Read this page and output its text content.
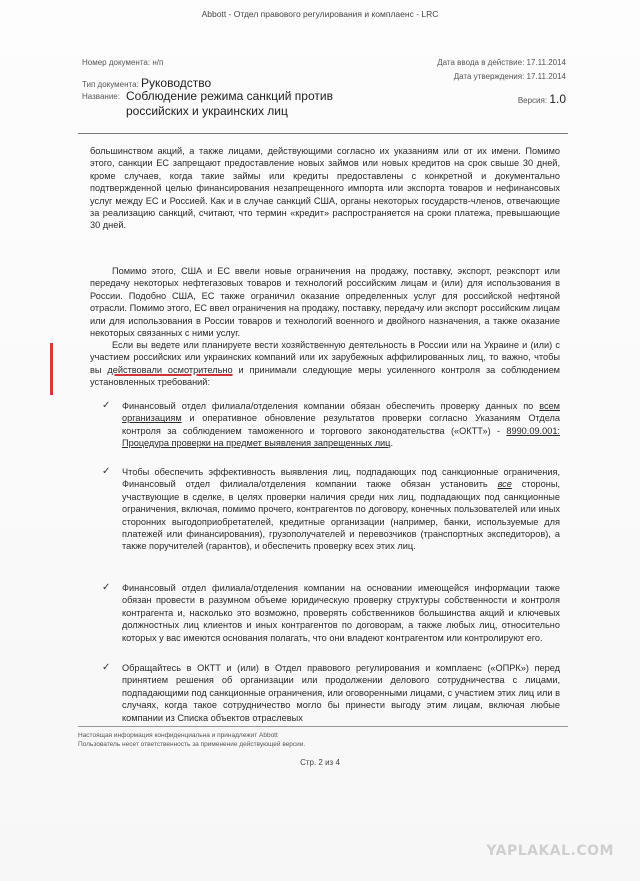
Abbott - Отдел правового регулирования и комплаенс - LRC
Номер документа: н/п
Тип документа: Руководство
Название: Соблюдение режима санкций против российских и украинских лиц
Дата ввода в действие: 17.11.2014
Дата утверждения: 17.11.2014
Версия: 1.0
большинством акций, а также лицами, действующими согласно их указаниям или от их имени. Помимо этого, санкции ЕС запрещают предоставление новых займов или новых кредитов на срок свыше 30 дней, кроме случаев, когда такие займы или кредиты предоставлены с конкретной и документально подтвержденной целью финансирования незапрещенного импорта или экспорта товаров и нефинансовых услуг между ЕС и Россией. Как и в случае санкций США, органы некоторых государств-членов, отвечающие за реализацию санкций, считают, что термин «кредит» распространяется на сроки платежа, превышающие 30 дней.
Помимо этого, США и ЕС ввели новые ограничения на продажу, поставку, экспорт, реэкспорт или передачу некоторых нефтегазовых товаров и технологий российским лицам и (или) для использования в России. Подобно США, ЕС также ограничил оказание определенных услуг для российской нефтяной отрасли. Помимо этого, ЕС ввел ограничения на продажу, поставку, передачу или экспорт российским лицам или для использования в России товаров и технологий военного и двойного назначения, а также оказание некоторых связанных с ними услуг.
Если вы ведете или планируете вести хозяйственную деятельность в России или на Украине и (или) с участием российских или украинских компаний или их зарубежных аффилированных лиц, то важно, чтобы вы действовали осмотрительно и принимали следующие меры усиленного контроля за соблюдением установленных требований:
✓ Финансовый отдел филиала/отделения компании обязан обеспечить проверку данных по всем организациям и оперативное обновление результатов проверки согласно Указаниям Отдела контроля за соблюдением таможенного и торгового законодательства («ОКТТ») - 8990.09.001: Процедура проверки на предмет выявления запрещенных лиц.
✓ Чтобы обеспечить эффективность выявления лиц, подпадающих под санкционные ограничения, Финансовый отдел филиала/отделения компании также обязан установить все стороны, участвующие в сделке, в целях проверки наличия среди них лиц, подпадающих под санкционные ограничения, включая, помимо прочего, контрагентов по договору, конечных пользователей или иных сторонних выгодоприобретателей, кредитные организации (например, банки, используемые для платежей или финансирования), грузополучателей и перевозчиков (транспортных экспедиторов), а также поручителей (гарантов), и обеспечить проверку всех этих лиц.
✓ Финансовый отдел филиала/отделения компании на основании имеющейся информации также обязан провести в разумном объеме юридическую проверку структуры собственности и контроля контрагента и, насколько это возможно, проверять собственников большинства акций и ключевых должностных лиц клиентов и иных контрагентов по договорам, а также любых лиц, относительно которых у вас имеются основания полагать, что они владеют контрагентом или контролируют его.
✓ Обращайтесь в ОКТТ и (или) в Отдел правового регулирования и комплаенс («ОПРК») перед принятием решения об организации или продолжении делового сотрудничества с лицами, подпадающими под санкционные ограничения, или оговоренными лицами, с участием этих лиц или в случаях, когда такое сотрудничество могло бы принести выгоду этим лицам, включая любые компании из Списка объектов отраслевых
Настоящая информация конфиденциальна и принадлежит Abbott
Пользователь несет ответственность за применение действующей версии.
Стр. 2 из 4
YAPLAKAL.COM
